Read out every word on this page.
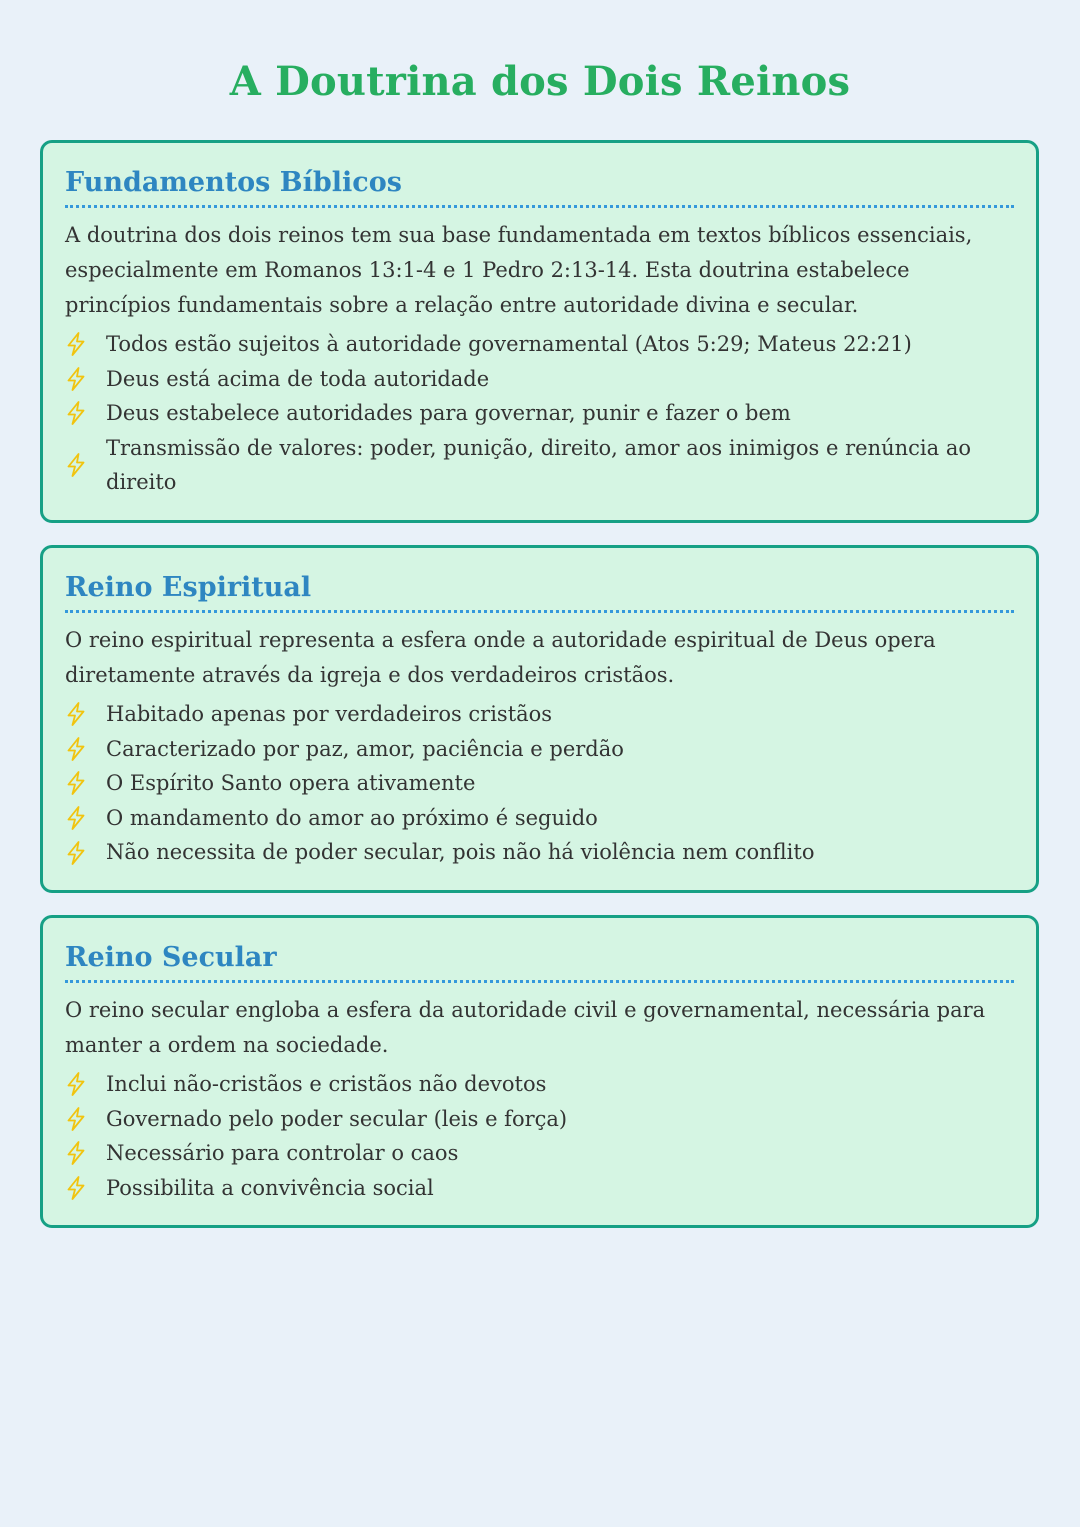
A Doutrina dos Dois Reinos
Fundamentos Bíblicos

A doutrina dos dois reinos tem sua base fundamentada em textos bíblicos essenciais, especialmente em Romanos 13:1-4 e 1 Pedro 2:13-14. Esta doutrina estabelece princípios fundamentais sobre a relação entre autoridade divina e secular.

Todos estão sujeitos à autoridade governamental (Atos 5:29; Mateus 22:21)
Deus está acima de toda autoridade
Deus estabelece autoridades para governar, punir e fazer o bem
Transmissão de valores: poder, punição, direito, amor aos inimigos e renúncia ao direito
Reino Espiritual

O reino espiritual representa a esfera onde a autoridade espiritual de Deus opera diretamente através da igreja e dos verdadeiros cristãos.

Habitado apenas por verdadeiros cristãos
Caracterizado por paz, amor, paciência e perdão
O Espírito Santo opera ativamente
O mandamento do amor ao próximo é seguido
Não necessita de poder secular, pois não há violência nem conflito
Reino Secular

O reino secular engloba a esfera da autoridade civil e governamental, necessária para manter a ordem na sociedade.

Inclui não-cristãos e cristãos não devotos
Governado pelo poder secular (leis e força)
Necessário para controlar o caos
Possibilita a convivência social
